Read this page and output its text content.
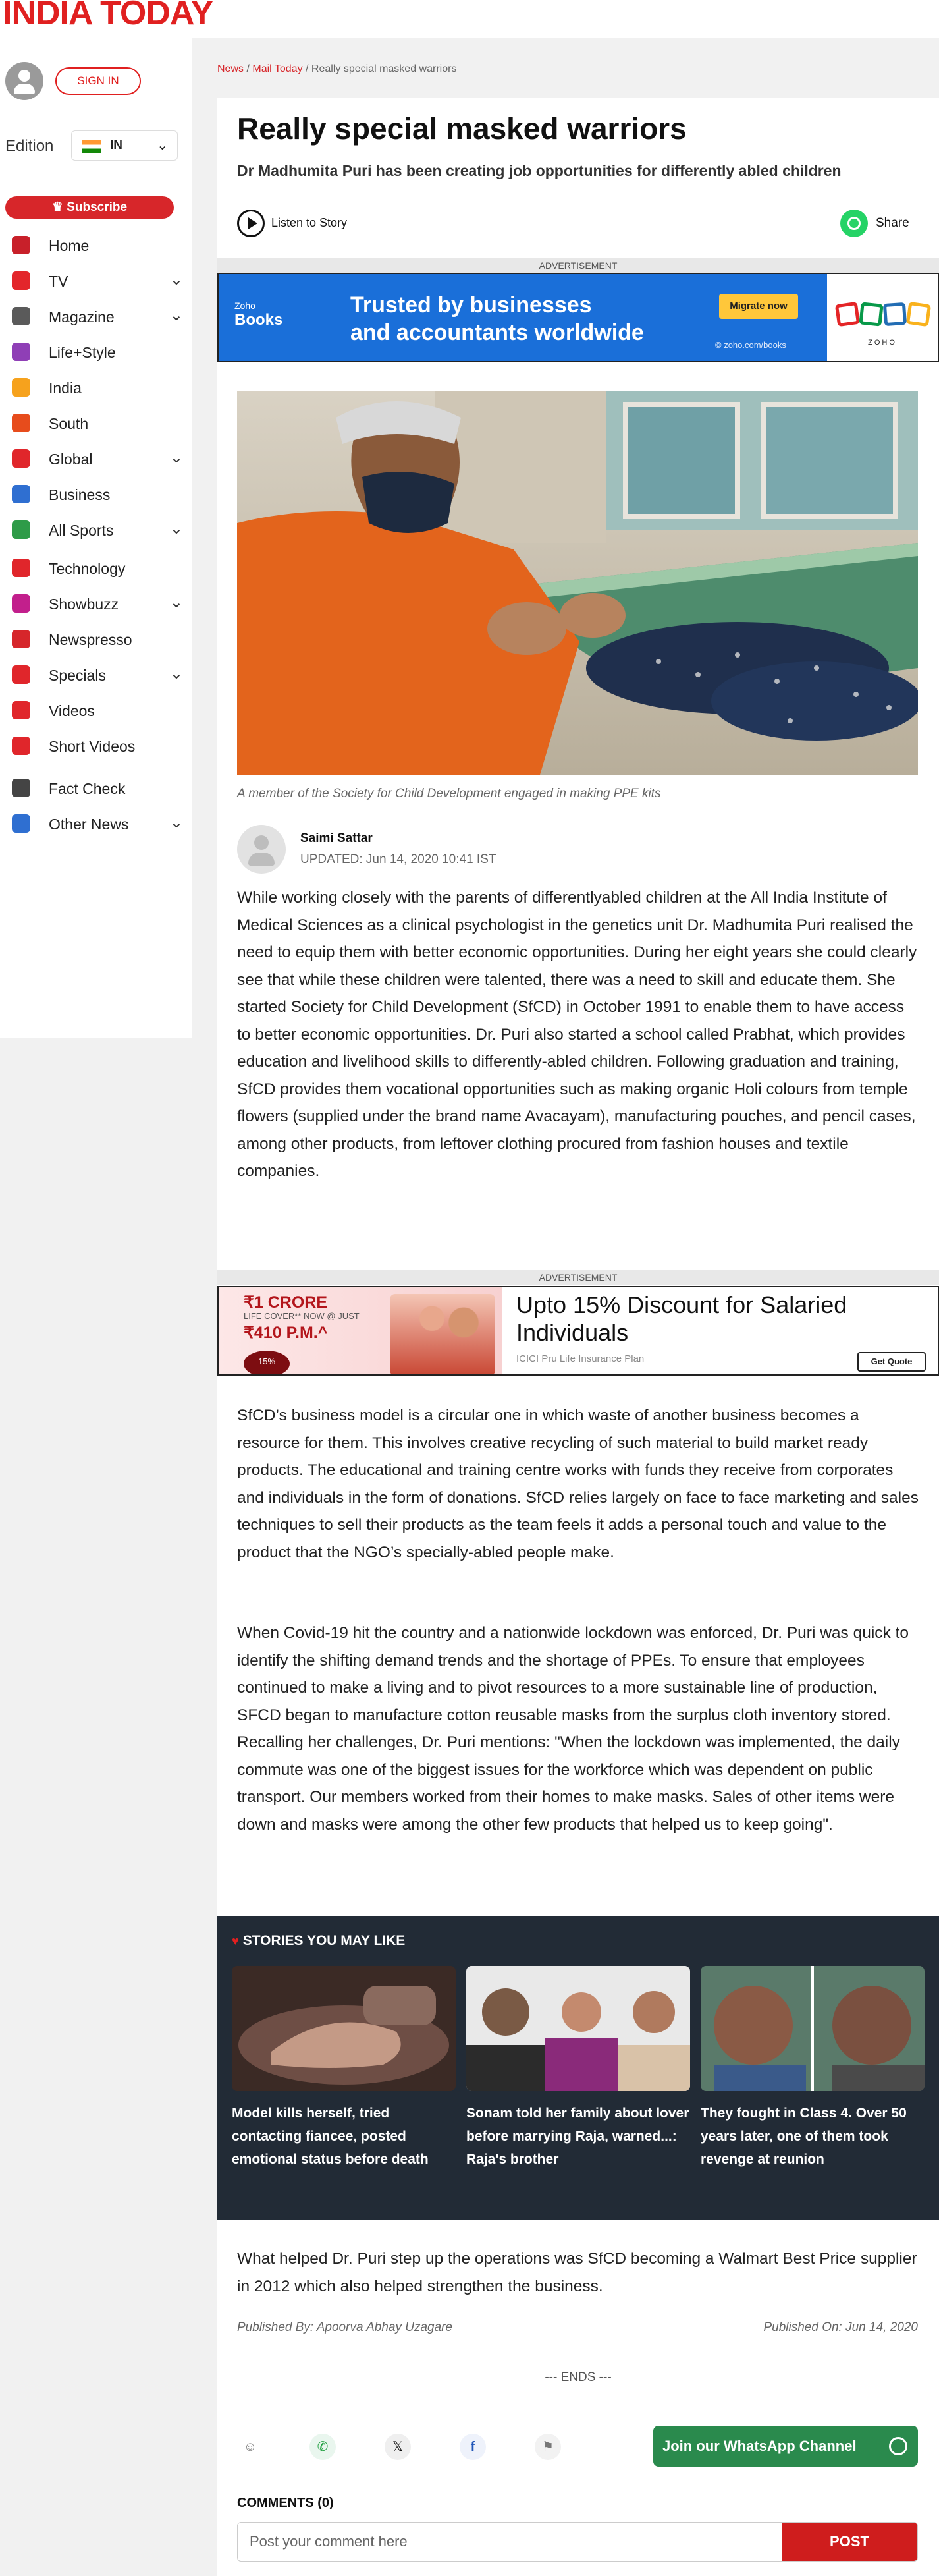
INDIA TODAY
SIGN IN
Edition	IN	⌄
♛ Subscribe
Home
TV	⌄
Magazine	⌄
Life+Style
India
South
Global	⌄
Business
All Sports	⌄
Technology
Showbuzz	⌄
Newspresso
Specials	⌄
Videos
Short Videos
Fact Check
Other News	⌄
News / Mail Today / Really special masked warriors
Really special masked warriors
Dr Madhumita Puri has been creating job opportunities for differently abled children
Listen to Story	Share
ADVERTISEMENT
Zoho
Books
Trusted by businesses
and accountants worldwide
Migrate now
© zoho.com/books	ZOHO
A member of the Society for Child Development engaged in making PPE kits
Saimi Sattar
UPDATED: Jun 14, 2020 10:41 IST

While working closely with the parents of differentlyabled children at the All India Institute of Medical Sciences as a clinical psychologist in the genetics unit Dr. Madhumita Puri realised the need to equip them with better economic opportunities. During her eight years she could clearly see that while these children were talented, there was a need to skill and educate them. She started Society for Child Development (SfCD) in October 1991 to enable them to have access to better economic opportunities. Dr. Puri also started a school called Prabhat, which provides education and livelihood skills to differently-abled children. Following graduation and training, SfCD provides them vocational opportunities such as making organic Holi colours from temple flowers (supplied under the brand name Avacayam), manufacturing pouches, and pencil cases, among other products, from leftover clothing procured from fashion houses and textile companies.

ADVERTISEMENT
₹1 CRORE
LIFE COVER** NOW @ JUST
₹410 P.M.^
15%
Upto 15% Discount for Salaried Individuals
ICICI Pru Life Insurance Plan	Get Quote

SfCD’s business model is a circular one in which waste of another business becomes a resource for them. This involves creative recycling of such material to build market ready products. The educational and training centre works with funds they receive from corporates and individuals in the form of donations. SfCD relies largely on face to face marketing and sales techniques to sell their products as the team feels it adds a personal touch and value to the product that the NGO’s specially-abled people make.

When Covid-19 hit the country and a nationwide lockdown was enforced, Dr. Puri was quick to identify the shifting demand trends and the shortage of PPEs. To ensure that employees continued to make a living and to pivot resources to a more sustainable line of production, SFCD began to manufacture cotton reusable masks from the surplus cloth inventory stored. Recalling her challenges, Dr. Puri mentions: "When the lockdown was implemented, the daily commute was one of the biggest issues for the workforce which was dependent on public transport. Our members worked from their homes to make masks. Sales of other items were down and masks were among the other few products that helped us to keep going".

♥ STORIES YOU MAY LIKE
Model kills herself, tried contacting fiancee, posted emotional status before death
Sonam told her family about lover before marrying Raja, warned...: Raja's brother
They fought in Class 4. Over 50 years later, one of them took revenge at reunion

What helped Dr. Puri step up the operations was SfCD becoming a Walmart Best Price supplier in 2012 which also helped strengthen the business.

Published By: Apoorva Abhay Uzagare	Published On: Jun 14, 2020
--- ENDS ---
☺	✆	𝕏	f	⚑	Join our WhatsApp Channel
COMMENTS (0)
Post your comment here
POST
